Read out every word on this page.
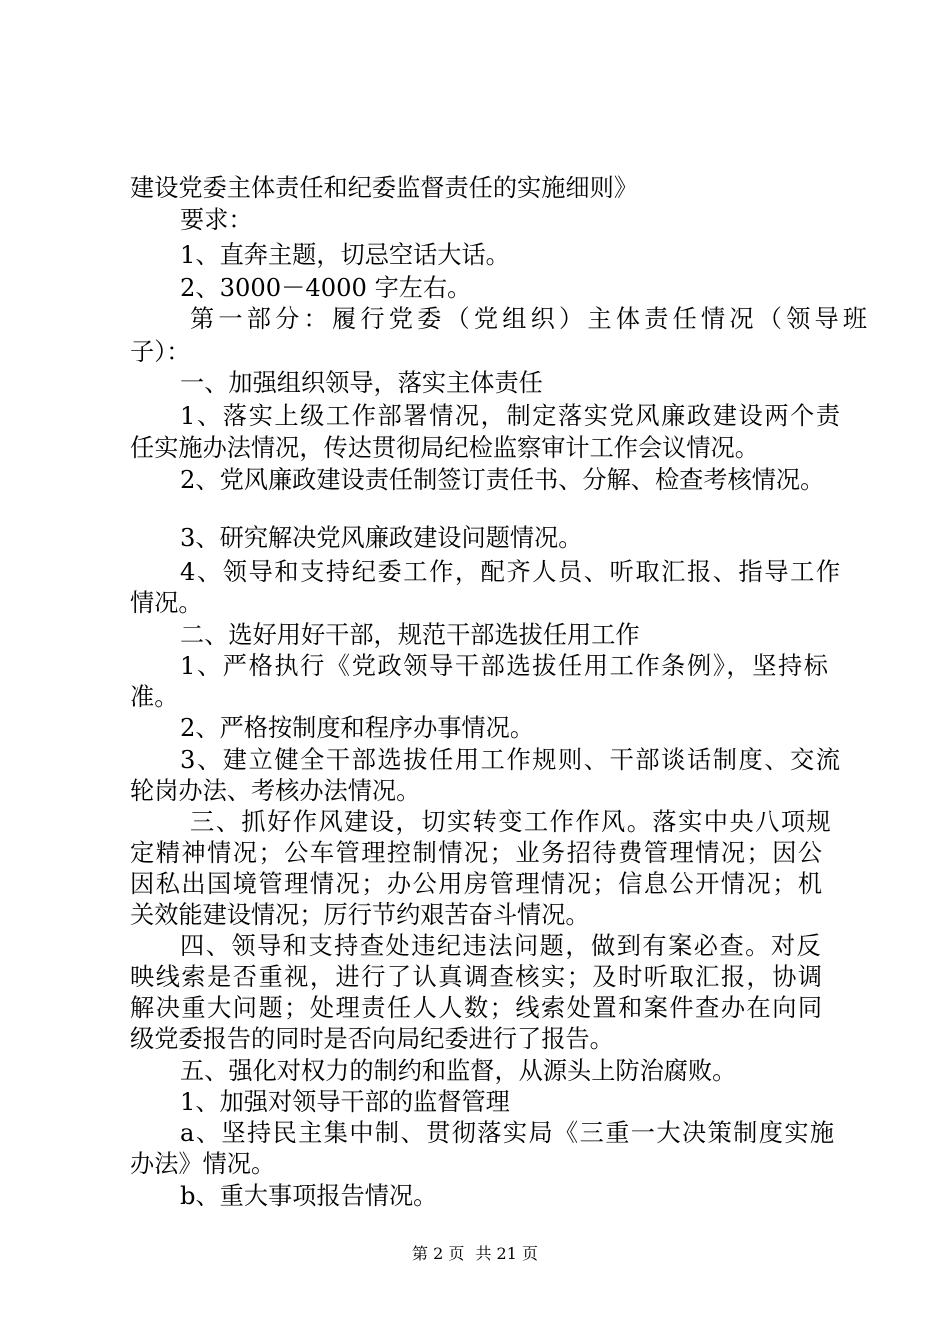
建设党委主体责任和纪委监督责任的实施细则》
要求：
1、直奔主题，切忌空话大话。
2、3000－4000 字左右。
第一部分：履行党委（党组织）主体责任情况（领导班
子）：
一、加强组织领导，落实主体责任
1、落实上级工作部署情况，制定落实党风廉政建设两个责
任实施办法情况，传达贯彻局纪检监察审计工作会议情况。
2、党风廉政建设责任制签订责任书、分解、检查考核情况。
3、研究解决党风廉政建设问题情况。
4、领导和支持纪委工作，配齐人员、听取汇报、指导工作
情况。
二、选好用好干部，规范干部选拔任用工作
1、严格执行《党政领导干部选拔任用工作条例》，坚持标
准。
2、严格按制度和程序办事情况。
3、建立健全干部选拔任用工作规则、干部谈话制度、交流
轮岗办法、考核办法情况。
三、抓好作风建设，切实转变工作作风。落实中央八项规
定精神情况；公车管理控制情况；业务招待费管理情况；因公
因私出国境管理情况；办公用房管理情况；信息公开情况；机
关效能建设情况；厉行节约艰苦奋斗情况。
四、领导和支持查处违纪违法问题，做到有案必查。对反
映线索是否重视，进行了认真调查核实；及时听取汇报，协调
解决重大问题；处理责任人人数；线索处置和案件查办在向同
级党委报告的同时是否向局纪委进行了报告。
五、强化对权力的制约和监督，从源头上防治腐败。
1、加强对领导干部的监督管理
a、坚持民主集中制、贯彻落实局《三重一大决策制度实施
办法》情况。
b、重大事项报告情况。
第 2 页 共 21 页
